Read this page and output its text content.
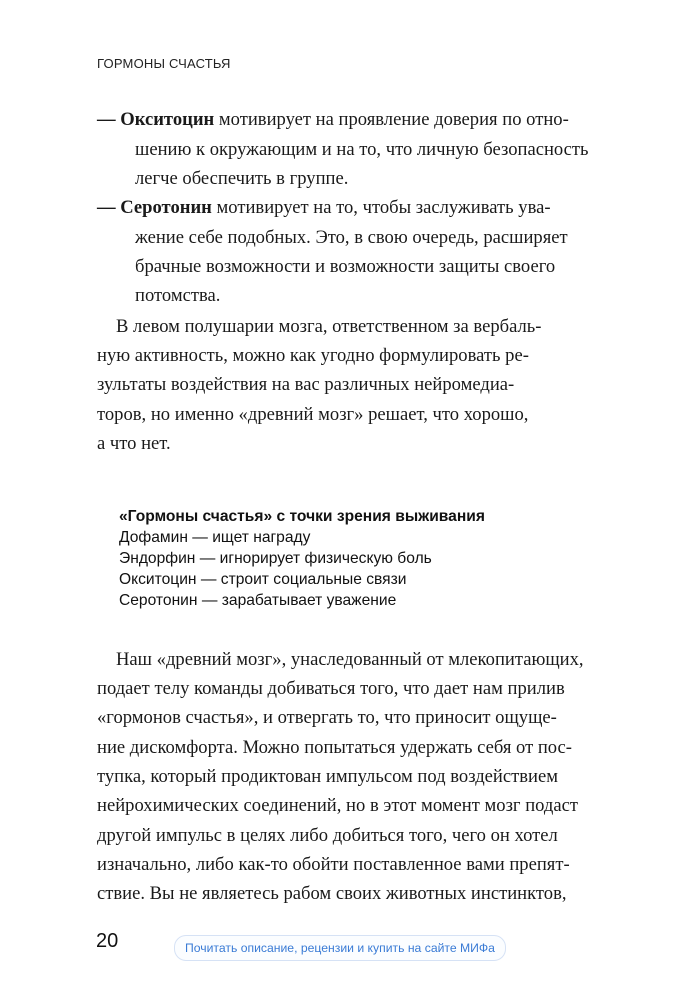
ГОРМОНЫ СЧАСТЬЯ
— Окситоцин мотивирует на проявление доверия по отно-
шению к окружающим и на то, что личную безопасность
легче обеспечить в группе.
— Серотонин мотивирует на то, чтобы заслуживать ува-
жение себе подобных. Это, в свою очередь, расширяет
брачные возможности и возможности защиты своего
потомства.
В левом полушарии мозга, ответственном за вербаль-
ную активность, можно как угодно формулировать ре-
зультаты воздействия на вас различных нейромедиа-
торов, но именно «древний мозг» решает, что хорошо,
а что нет.
«Гормоны счастья» с точки зрения выживания
Дофамин — ищет награду
Эндорфин — игнорирует физическую боль
Окситоцин — строит социальные связи
Серотонин — зарабатывает уважение
Наш «древний мозг», унаследованный от млекопитающих,
подает телу команды добиваться того, что дает нам прилив
«гормонов счастья», и отвергать то, что приносит ощуще-
ние дискомфорта. Можно попытаться удержать себя от пос-
тупка, который продиктован импульсом под воздействием
нейрохимических соединений, но в этот момент мозг подаст
другой импульс в целях либо добиться того, чего он хотел
изначально, либо как-то обойти поставленное вами препят-
ствие. Вы не являетесь рабом своих животных инстинктов,
20	Почитать описание, рецензии и купить на сайте МИФа
